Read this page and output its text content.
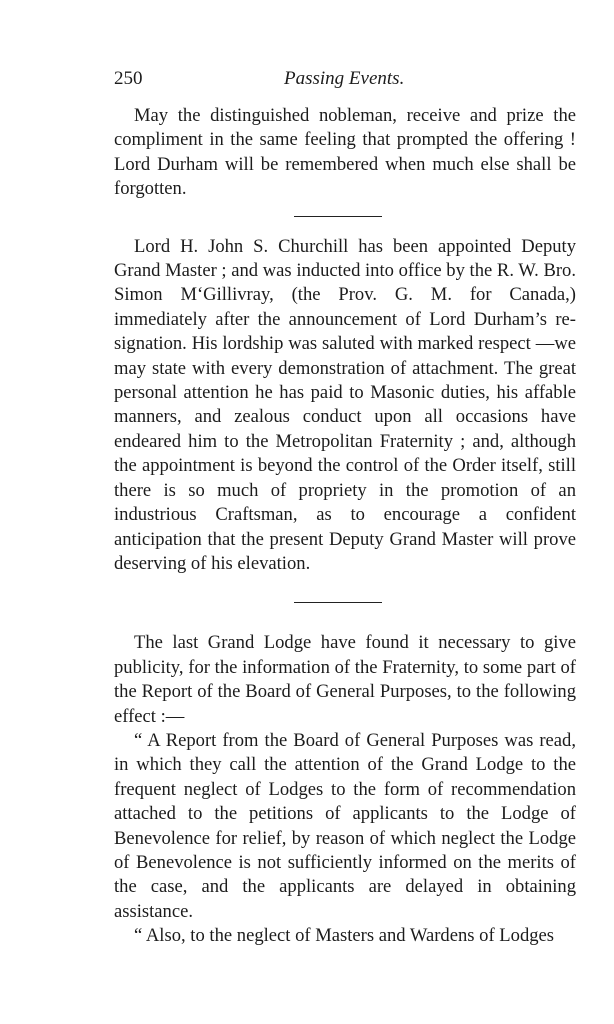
250	Passing Events.

May the distinguished nobleman, receive and prize the compliment in the same feeling that prompted the offering ! Lord Durham will be remembered when much else shall be forgotten.

Lord H. John S. Churchill has been appointed Deputy Grand Master ; and was inducted into office by the R. W. Bro. Simon M‘Gillivray, (the Prov. G. M. for Canada,) immediately after the announcement of Lord Durham’s resignation. His lordship was saluted with marked respect —we may state with every demonstration of attachment. The great personal attention he has paid to Masonic duties, his affable manners, and zealous conduct upon all occasions have endeared him to the Metropolitan Fraternity ; and, although the appointment is beyond the control of the Order itself, still there is so much of propriety in the promotion of an industrious Craftsman, as to encourage a confident anticipation that the present Deputy Grand Master will prove deserving of his elevation.

The last Grand Lodge have found it necessary to give publicity, for the information of the Fraternity, to some part of the Report of the Board of General Purposes, to the following effect :—

“ A Report from the Board of General Purposes was read, in which they call the attention of the Grand Lodge to the frequent neglect of Lodges to the form of recommendation attached to the petitions of applicants to the Lodge of Benevolence for relief, by reason of which neglect the Lodge of Benevolence is not sufficiently informed on the merits of the case, and the applicants are delayed in obtaining assistance.

“ Also, to the neglect of Masters and Wardens of Lodges
